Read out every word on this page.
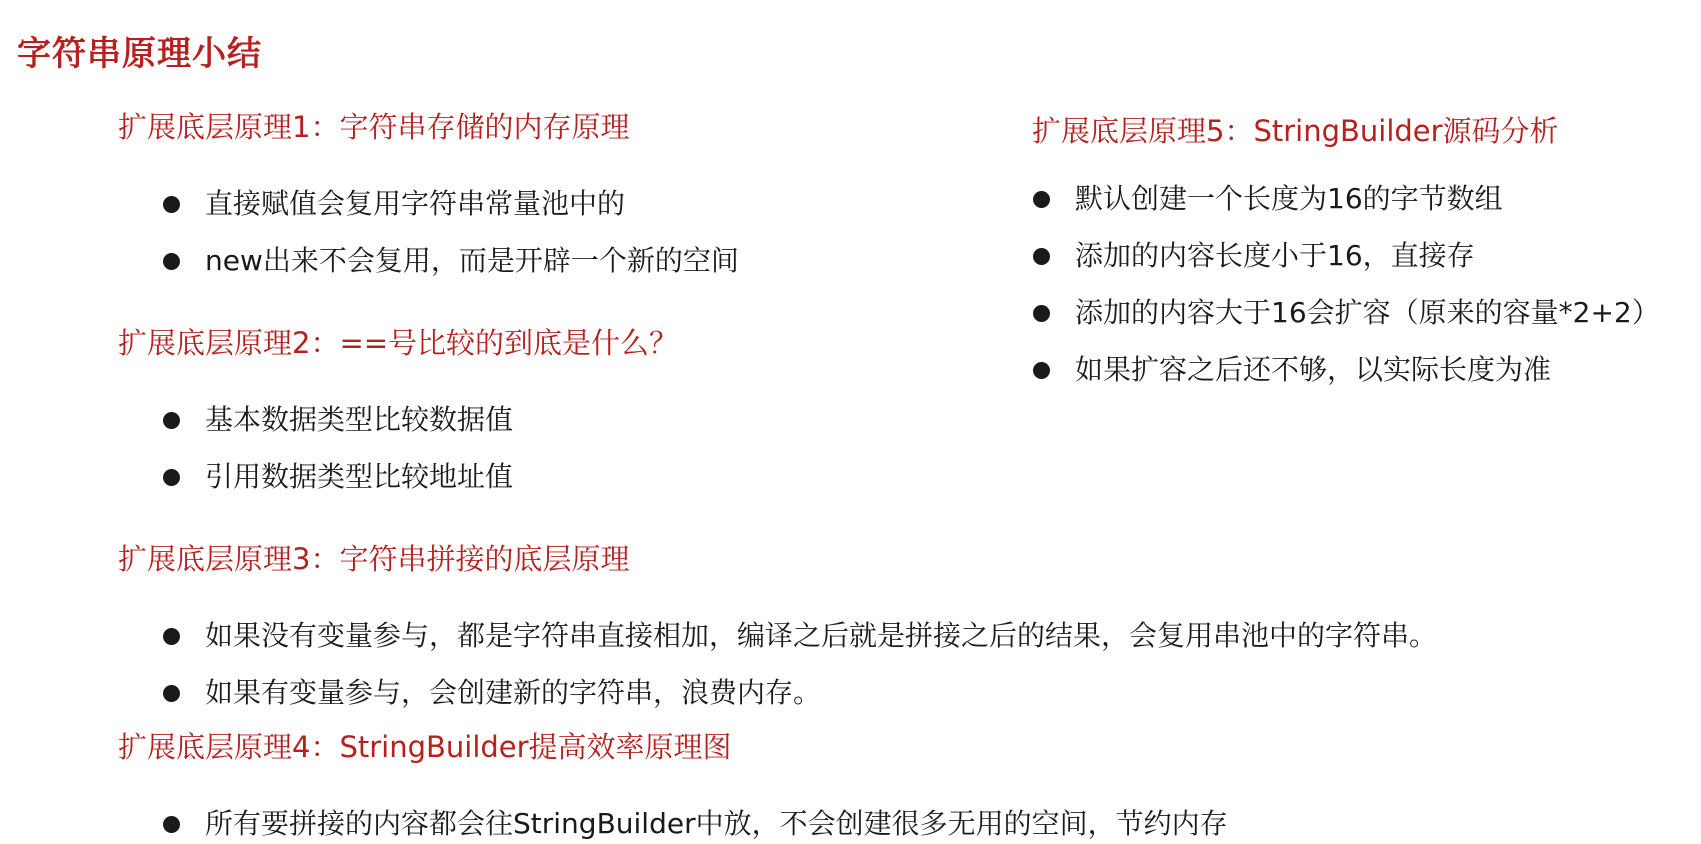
字符串原理小结
扩展底层原理1：字符串存储的内存原理
直接赋值会复用字符串常量池中的
new出来不会复用，而是开辟一个新的空间
扩展底层原理2：==号比较的到底是什么？
基本数据类型比较数据值
引用数据类型比较地址值
扩展底层原理3：字符串拼接的底层原理
如果没有变量参与，都是字符串直接相加，编译之后就是拼接之后的结果，会复用串池中的字符串。
如果有变量参与，会创建新的字符串，浪费内存。
扩展底层原理4：StringBuilder提高效率原理图
所有要拼接的内容都会往StringBuilder中放，不会创建很多无用的空间，节约内存
扩展底层原理5：StringBuilder源码分析
默认创建一个长度为16的字节数组
添加的内容长度小于16，直接存
添加的内容大于16会扩容（原来的容量*2+2）
如果扩容之后还不够，以实际长度为准
